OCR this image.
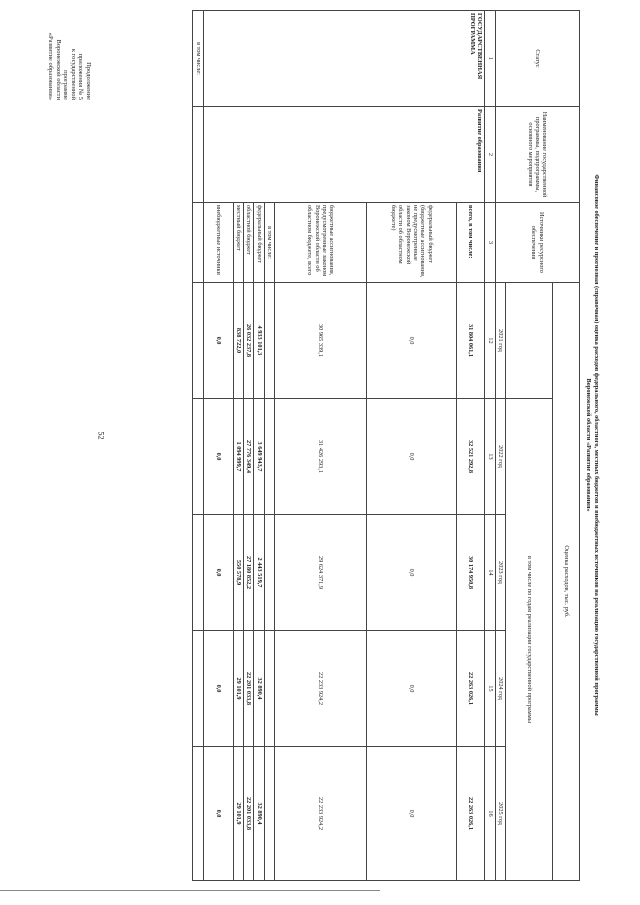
52
Продолжение
приложения № 5
к государственной программе
Воронежской области
«Развитие образования»
Финансовое обеспечение и прогнозная (справочная) оценка расходов федерального, областного, местных бюджетов и внебюджетных источников на реализацию государственной программы
Воронежской области «Развитие образования»
Статус	Наименование государственной программы, подпрограммы, основного мероприятия	Источники ресурсного обеспечения	Оценка расходов, тыс. руб.				
				в том числе по годам реализации государственной программы			
			2021 год	2022 год	2023 год	2024 год	2025 год
1	2	3	12	13	14	15	16
ГОСУДАРСТВЕННАЯ ПРОГРАММА	Развитие образования	всего, в том числе:	31 804 061,1	32 521 292,8	30 174 950,8	22 263 026,1	22 263 026,1
		федеральный бюджет (бюджетные ассигнования, не предусмотренные законом Воронежской области об областном бюджете)	0,0	0,0	0,0	0,0	0,0
		бюджетные ассигнования, предусмотренные законом Воронежской области об областном бюджете, всего	30 965 339,1	31 426 293,1	29 624 371,9	22 233 924,2	22 233 924,2
		в том числе:					
		федеральный бюджет	4 933 101,3	3 649 943,7	2 443 519,7	32 890,4	32 890,4
		областной бюджет	26 032 237,8	27 776 349,4	27 180 852,2	22 201 033,8	22 201 033,8
		местный бюджет	838 722,0	1 094 999,7	550 578,9	29 101,9	29 101,9
		внебюджетные источники	0,0	0,0	0,0	0,0	0,0
в том числе:							
